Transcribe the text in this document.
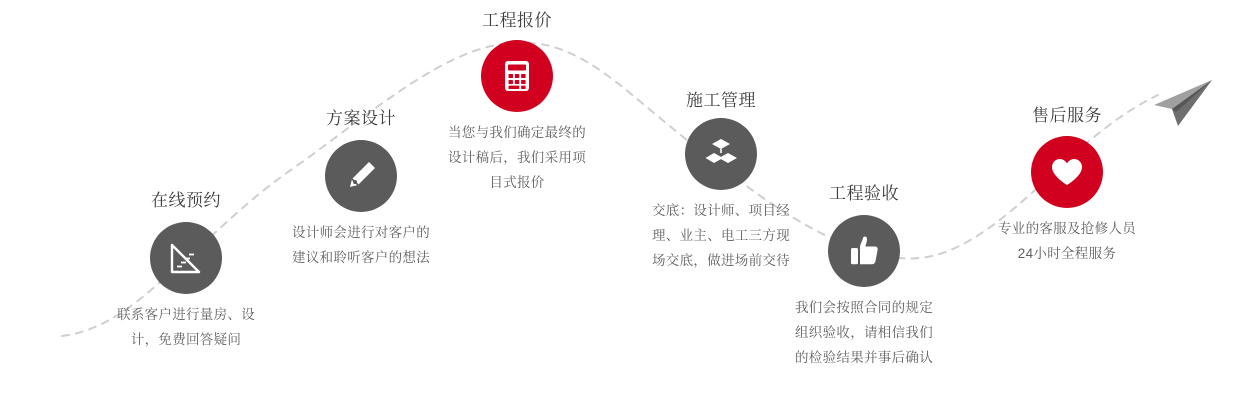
在线预约
联系客户进行量房、设计，免费回答疑问
方案设计
设计师会进行对客户的建议和聆听客户的想法
工程报价
当您与我们确定最终的设计稿后，我们采用项目式报价
施工管理
交底：设计师、项目经理、业主、电工三方现场交底，做进场前交待
工程验收
我们会按照合同的规定组织验收，请相信我们的检验结果并事后确认
售后服务
专业的客服及抢修人员24小时全程服务
